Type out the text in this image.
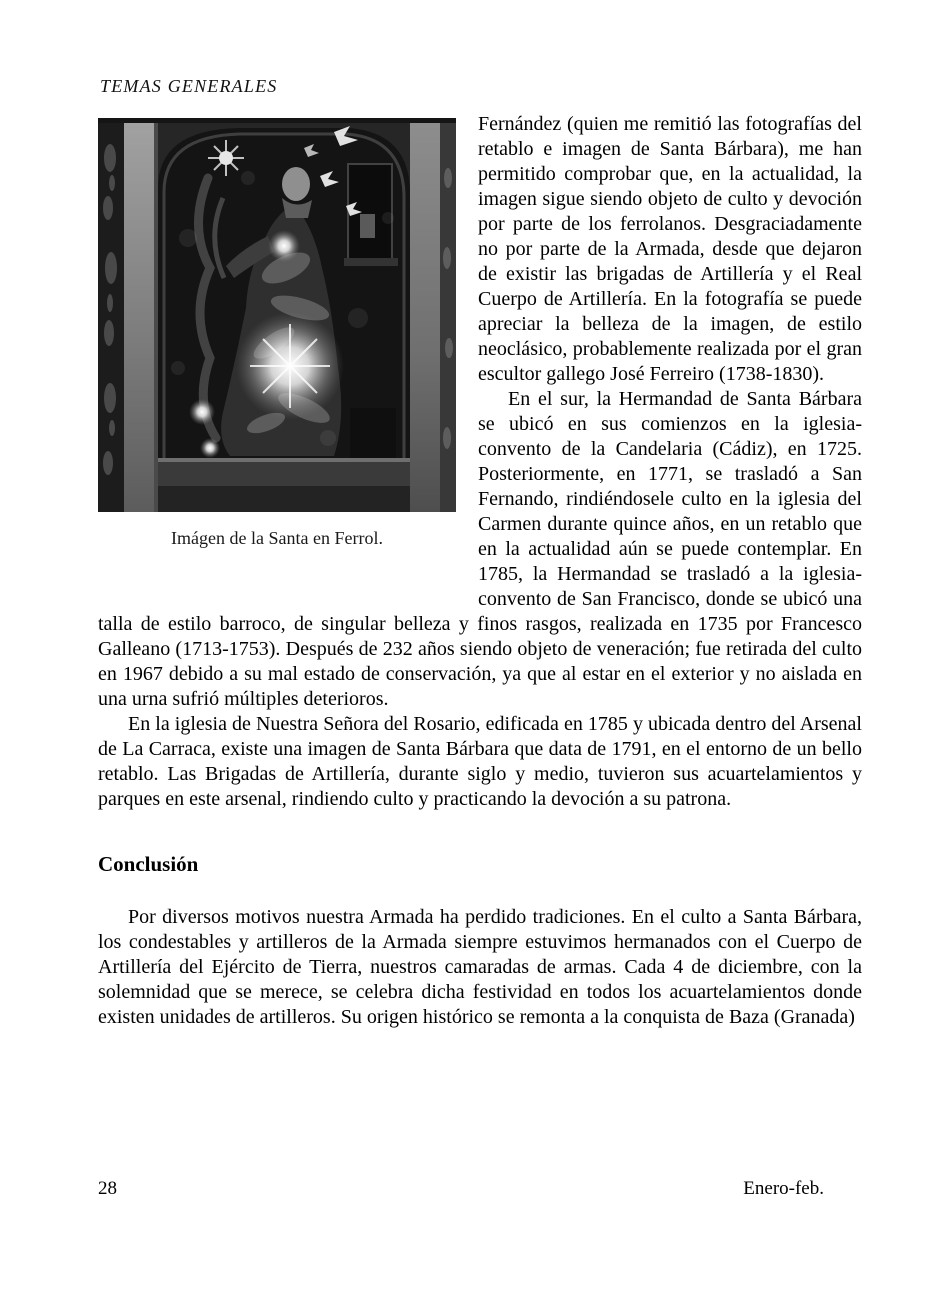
TEMAS GENERALES
Imágen de la Santa en Ferrol.

Fernández (quien me remitió las fotografías del retablo e imagen de Santa Bárbara), me han permitido comprobar que, en la actualidad, la imagen sigue siendo objeto de culto y devoción por parte de los ferrolanos. Desgraciadamente no por parte de la Armada, desde que dejaron de existir las brigadas de Artillería y el Real Cuerpo de Artillería. En la fotografía se puede apreciar la belleza de la imagen, de estilo neoclásico, probablemente realizada por el gran escultor gallego José Ferreiro (1738-1830).

En el sur, la Hermandad de Santa Bárbara se ubicó en sus comienzos en la iglesia-convento de la Candelaria (Cádiz), en 1725. Posteriormente, en 1771, se trasladó a San Fernando, rindiéndosele culto en la iglesia del Carmen durante quince años, en un retablo que en la actualidad aún se puede contemplar. En 1785, la Hermandad se trasladó a la iglesia-convento de San Francisco, donde se ubicó una talla de estilo barroco, de singular belleza y finos rasgos, realizada en 1735 por Francesco Galleano (1713-1753). Después de 232 años siendo objeto de veneración; fue retirada del culto en 1967 debido a su mal estado de conservación, ya que al estar en el exterior y no aislada en una urna sufrió múltiples deterioros.

En la iglesia de Nuestra Señora del Rosario, edificada en 1785 y ubicada dentro del Arsenal de La Carraca, existe una imagen de Santa Bárbara que data de 1791, en el entorno de un bello retablo. Las Brigadas de Artillería, durante siglo y medio, tuvieron sus acuartelamientos y parques en este arsenal, rindiendo culto y practicando la devoción a su patrona.

Conclusión

Por diversos motivos nuestra Armada ha perdido tradiciones. En el culto a Santa Bárbara, los condestables y artilleros de la Armada siempre estuvimos hermanados con el Cuerpo de Artillería del Ejército de Tierra, nuestros camaradas de armas. Cada 4 de diciembre, con la solemnidad que se merece, se celebra dicha festividad en todos los acuartelamientos donde existen unidades de artilleros. Su origen histórico se remonta a la conquista de Baza (Granada)

28	Enero-feb.
